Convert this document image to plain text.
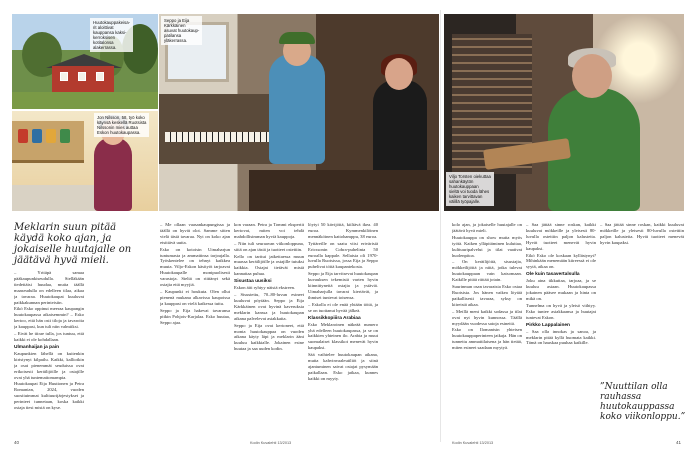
Huutokauppakeisa-
rit aloittivat
kauppansa kaksi-
kerroksisen
kotitalonsa
alakerrassa.
Jon Nilsson, 58, työ koko
käynsä keskellä Ruotsista
Nilssonin mies auttaa
Eskon huutokaupassa.
Seppo ja Eija
Kärkkäinen
asuvat huutokaup-
patilansa
yläkerrassa.
Viljo Torsten oiekuttaa
sahankäytön
huutokauppaan
sieltä voi tuoda lähes
kaiken tarvittavan
välillä työpajalle.
Meklarin suun pitää
käydä koko ajan, ja
jokaiselle huutajalle on
jäätävä hyvä mieli.
”Nuuttilan olla
rauhassa huutokauppassa
koko viikonloppu.”

– Yritäpä samaa pääkaupunkiseudulla. Sielläkään tiedettäisi huudaa, mutta täällä maaseudulla on edelleen tilaa, aikaa ja tavaraa. Huutokaupat kuuluvat paikkakunnan perinteisiin.

Eikö Esko oppinut meeraa kaupangin huutokaupassa aikaisemmin? – Esko kertoo, että hän osti tiloja ja tavaroita ja kauppasi, kun tuli niin valmiiksi.

– Eivät he tiirae tulla, jos tuntuu, että kaikki ei ole kohdallaan.

Ulmanhaijan ja pain

Kaupunkien lähellä on kuitenkin kiristynyt kilpailu. Kaikki, kalliotkin ja osat pienemmät seuduissa ovat erikoisesti keräilijöille ja ostajille ovat yhä tuntemattomampia.

Huutokaupat Eija Huuttonen ja Petra Romanian, 2024, vuoden suosituimmat kulttuurijärjestykset ja perinteet tunnetaan, koska kaikki ostaja tiesi mistä on kyse.

– Me ollaan vaasankaupungissa ja täällä on hyvät olot. Samme sitten vielä tästä tavaraa. Nyt on koko ajan etsittävä uutta.

Esko on kotoisin Uimaharjun tuntumasta ja ammattinsa tarjoajalla. Työskentelee on tehnyt kaikkea muuta. Viljo-Eskon käsityöt tarjoavat Huutokaupalle monipuolisesti varastoja. Sieltä on riittänyt sekä ostajia että myyjiä.

– Kaupunki ei houkuta. Olen ollut pienenä mukana alkavissa kaupoissa ja kauppasi on vielä kaikessa tuttu.

Seppo ja Eija hakevat tavaransa pitkin Pohjois-Karjalaa. Esko huutaa, Seppo ajaa.

kon varaan. Petra ja Tommi ekspertit kertovat, miten voi tehdä mahdollisimman hyviä kauppoja.

– Niin tuli seuraavan viikonloppuna, siitä on ajan tästä ja tuotteet ostettiin.

Kello on tarttui jatkettaessa muun muassa keräilijöille ja ostajille tutuksi kaikkia. Ostajat tietävät mistä kannattaa puhua.

Sisustaa uusiksi

Eskon äiti ryhtyy näistä ekstreen.

– Sisustettu, 70–80-luvun esineet kuuluvat pöytään. Seppo ja Eija Kärkkäinen ovat hyvinä kaveruksia meklarin kanssa ja huutokaupan aikana palvelevat asiakkaita.

Seppo ja Eija ovat kertoneet, että monta huutokauppaa on vuoden aikana käyty läpi ja meklarin ääni kuuluu kaikkialle. Jokainen esine huutaa ja saa uuden kodin.

löytyi 50 kävijöitä, kiiltävä ikea. 40 euroa. Kymmenkilöinen mennäköinen kattohamppu, 38 euroa.

Tyttäreille on saatu viisi erivärisiä Ericssonin Cobra-puhelinta 50 euroalla kappale. Sellaisia oli 1970-luvulla Ruotsissa, jossa Eija ja Seppo puhelivat töitä kaupantekosta.

Seppo ja Eija tarvitsevat huutokaupan kuvauksen tekemistä varten hyvin kiinnittyneitä ostajia ja ystäviä. Uimaharjulla tavarat kiertävät, ja ihmiset tuntevat toisensa.

– Eskolla ei ole enää yhtään töitä, ja se on tuottanut hyvää jälkeä.

Klassikkopiiira Arabiaa

Esko Meklaroinen näkeää numero yhä edelleen huutokaupassa, ja se on kaikkien yhteinen ilo. Arabia ja muut suomalaiset klassikot menevät hyvin kaupaksi.

Sää vaihtelee huutokaupan aikana, mutta kahvinvaaleutiliöt ja siinä ajantuminen saivat ostajat pysymään paikallaan. Esko jatkaa, kunnes kaikki on myyty.

kolo ajan, ja jokaiselle huutajalle on jäätävä hyvä mieli.

Huutokauppa on show mutta myös työtä. Kaiken ylläpitäminen kuluttaa, kulttuuripalvelut ja tilat vaativat huolenpitoa.

– On keräilijöitä, sisustajia, mökkeilijöitä ja niitä, jotka tulevat huutokauppaan vain katsomaan. Kaikille pitää riittää jotain.

Suurinman osan tavaraista Esko ostaa Ruotsista. Jos hänen vaikea löytää paikallisesti tavaraa, syksy on kiireistä aikaa.

– Meillä meni kaikki sodassa ja tilat ovat nyt hyvin kunnossa. Täällä myydään vuodessa satoja esineitä.

Esko on Ilomantsin yhteisen huutokauppaperinteen jatkaja. Hän on tunnettu ammattilaisena ja hän tietää, miten esineet saadaan myytyä.

– Saa jättää sinne roskan, kaikki kuuluvat mökkeille ja yleisesti 80-luvulla ostettiin paljon kalusteita. Hyvät tuotteet menevät hyvin kaupaksi.

Eikö Esko ole koskaan kyllästynyt? Mihinkään menemään kiireessä ei ole syytä, aikaa on.

Ole kuin tasavertalsulla

Joku aina tikkuttaa, tarjoaa, ja se kuuluu asiaan. Huutokaupassa jokainen pääsee mukaan ja hinta on mikä on.

Tunnelma on hyvä ja yleisö viihtyy. Esko tuntee asiakkaansa ja huutajat tuntevat Eskon.

Pirkko Lappalainen

– Saa olla innokas ja sanoa, ja meklarin pitää kyllä huomata kaikki. Tämä on hauskaa puuhaa kaikille.

– Saa jättää sinne roskan, kaikki kuuluvat mökkeille ja yleisesti 80-luvulla ostettiin paljon kalusteita. Hyvät tuotteet menevät hyvin kaupaksi.

40	Kodin Kuvalehti 13/2013	Kodin Kuvalehti 13/2013	41
